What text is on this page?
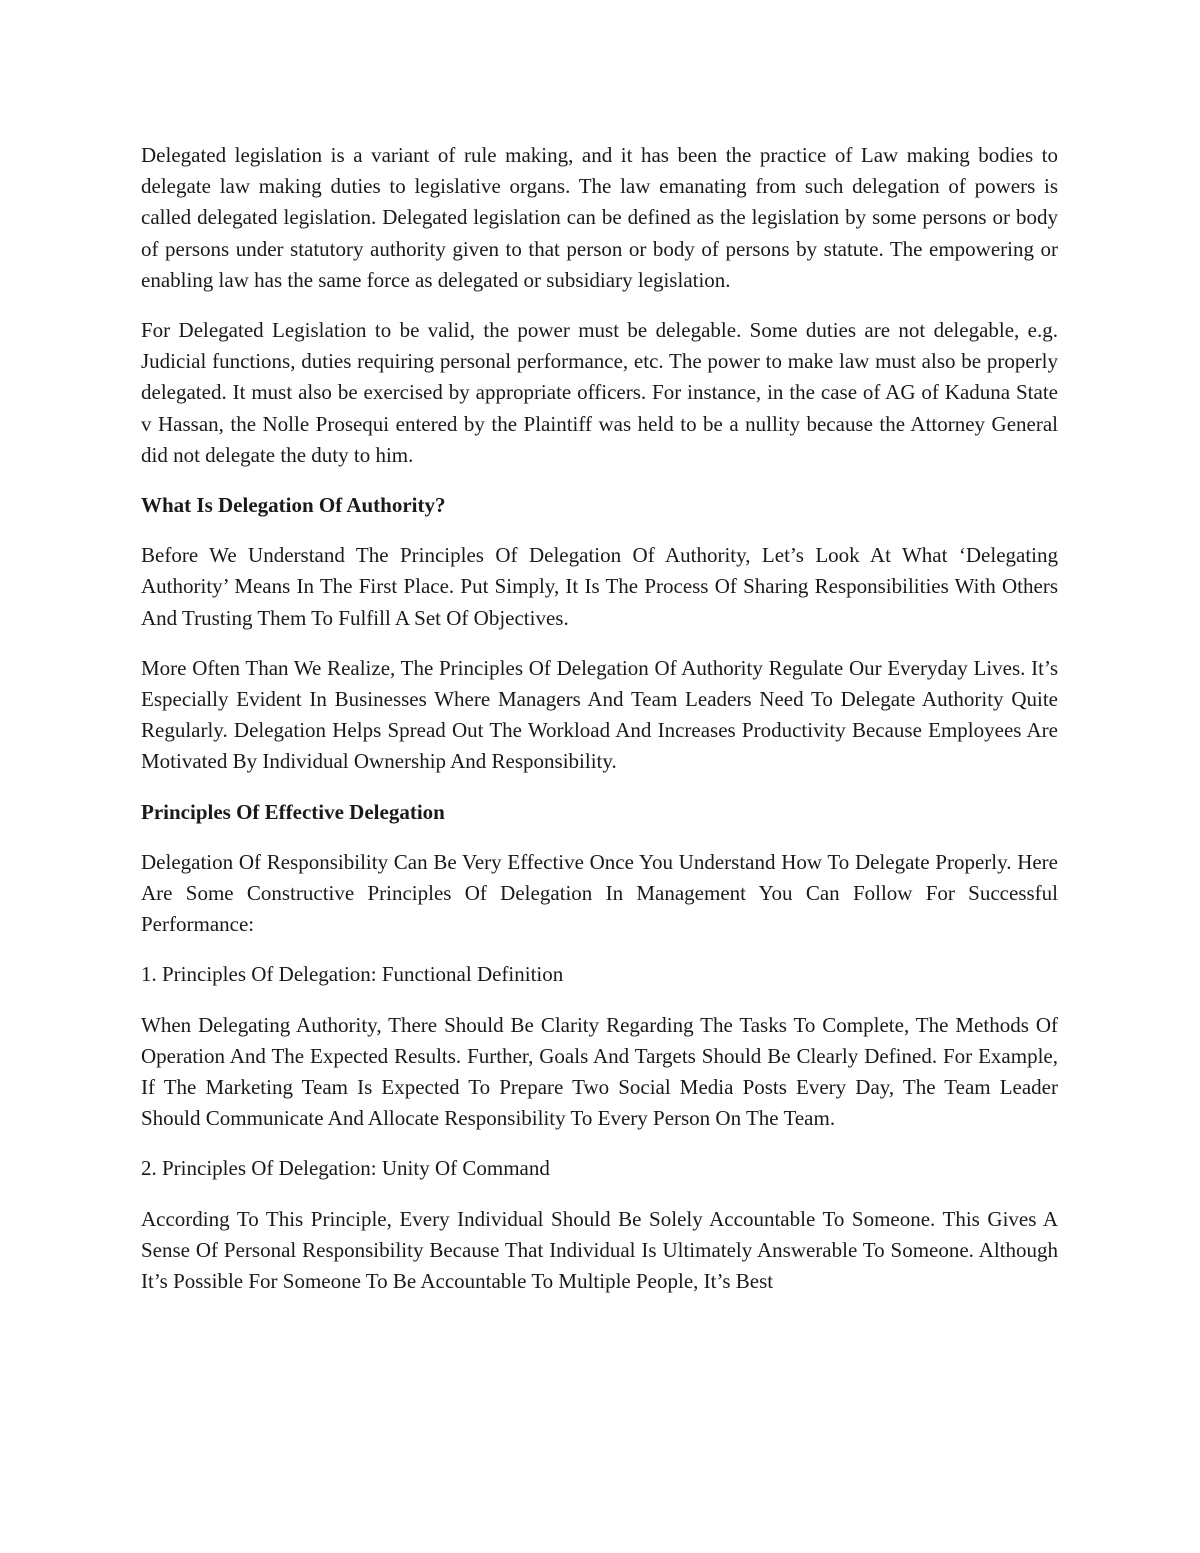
Delegated legislation is a variant of rule making, and it has been the practice of Law making bodies to delegate law making duties to legislative organs. The law emanating from such delegation of powers is called delegated legislation. Delegated legislation can be defined as the legislation by some persons or body of persons under statutory authority given to that person or body of persons by statute. The empowering or enabling law has the same force as delegated or subsidiary legislation.

For Delegated Legislation to be valid, the power must be delegable. Some duties are not delegable, e.g. Judicial functions, duties requiring personal performance, etc. The power to make law must also be properly delegated. It must also be exercised by appropriate officers. For instance, in the case of AG of Kaduna State v Hassan, the Nolle Prosequi entered by the Plaintiff was held to be a nullity because the Attorney General did not delegate the duty to him.

What Is Delegation Of Authority?

Before We Understand The Principles Of Delegation Of Authority, Let’s Look At What ‘Delegating Authority’ Means In The First Place. Put Simply, It Is The Process Of Sharing Responsibilities With Others And Trusting Them To Fulfill A Set Of Objectives.

More Often Than We Realize, The Principles Of Delegation Of Authority Regulate Our Everyday Lives. It’s Especially Evident In Businesses Where Managers And Team Leaders Need To Delegate Authority Quite Regularly. Delegation Helps Spread Out The Workload And Increases Productivity Because Employees Are Motivated By Individual Ownership And Responsibility.

Principles Of Effective Delegation

Delegation Of Responsibility Can Be Very Effective Once You Understand How To Delegate Properly. Here Are Some Constructive Principles Of Delegation In Management You Can Follow For Successful Performance:

1. Principles Of Delegation: Functional Definition

When Delegating Authority, There Should Be Clarity Regarding The Tasks To Complete, The Methods Of Operation And The Expected Results. Further, Goals And Targets Should Be Clearly Defined. For Example, If The Marketing Team Is Expected To Prepare Two Social Media Posts Every Day, The Team Leader Should Communicate And Allocate Responsibility To Every Person On The Team.

2. Principles Of Delegation: Unity Of Command

According To This Principle, Every Individual Should Be Solely Accountable To Someone. This Gives A Sense Of Personal Responsibility Because That Individual Is Ultimately Answerable To Someone. Although It’s Possible For Someone To Be Accountable To Multiple People, It’s Best
